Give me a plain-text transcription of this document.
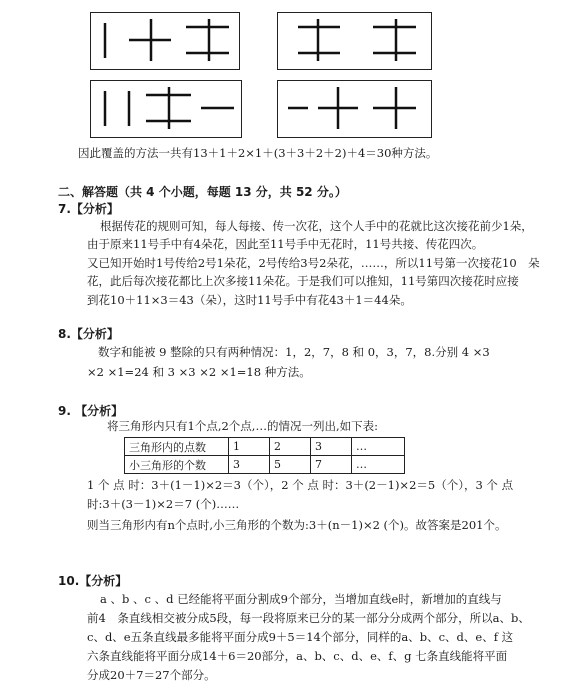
因此覆盖的方法一共有13＋1＋2×1＋(3＋3＋2＋2)＋4＝30种方法。
二、解答题（共 4 个小题，每题 13 分，共 52 分。）
7.【分析】
根据传花的规则可知，每人每接、传一次花，这个人手中的花就比这次接花前少1朵，
由于原来11号手中有4朵花，因此至11号手中无花时，11号共接、传花四次。
又已知开始时1号传给2号1朵花，2号传给3号2朵花，……，所以11号第一次接花10　朵
花，此后每次接花都比上次多接11朵花。于是我们可以推知，11号第四次接花时应接
到花10＋11×3＝43（朵），这时11号手中有花43＋1＝44朵。
8.【分析】
数字和能被 9 整除的只有两种情况：1，2，7，8 和 0，3，7，8.分别 4 ×3
×2 ×1=24 和 3 ×3 ×2 ×1=18 种方法。
9. 【分析】
将三角形内只有1个点,2个点,…的情况一列出,如下表:
三角形内的点数	1	2	3	…
小三角形的个数	3	5	7	…
1 个 点 时：3＋(1－1)×2＝3（个），2 个 点 时：3＋(2－1)×2＝5（个），3 个 点
时:3＋(3－1)×2＝7 (个)……
则当三角形内有n个点时,小三角形的个数为:3＋(n－1)×2 (个)。故答案是201个。
10.【分析】
a 、b 、c 、d 已经能将平面分割成9个部分，当增加直线e时，新增加的直线与
前4　条直线相交被分成5段，每一段将原来已分的某一部分分成两个部分，所以a、b、
c、d、e五条直线最多能将平面分成9＋5＝14个部分，同样的a、b、c、d、e、f 这
六条直线能将平面分成14＋6＝20部分，a、b、c、d、e、f、g 七条直线能将平面
分成20＋7＝27个部分。
